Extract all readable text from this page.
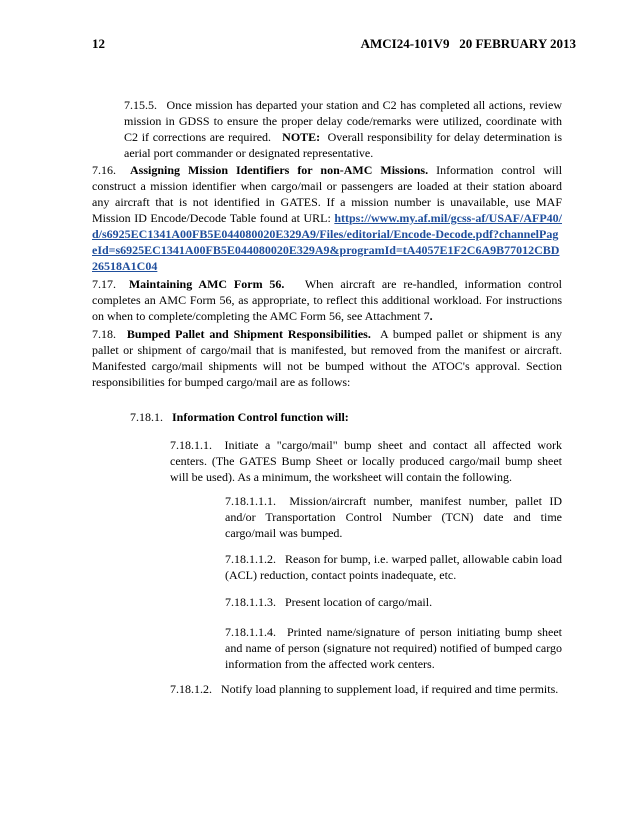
12	AMCI24-101V9 20 FEBRUARY 2013

7.15.5. Once mission has departed your station and C2 has completed all actions, review mission in GDSS to ensure the proper delay code/remarks were utilized, coordinate with C2 if corrections are required. NOTE: Overall responsibility for delay determination is aerial port commander or designated representative.

7.16. Assigning Mission Identifiers for non-AMC Missions. Information control will construct a mission identifier when cargo/mail or passengers are loaded at their station aboard any aircraft that is not identified in GATES. If a mission number is unavailable, use MAF Mission ID Encode/Decode Table found at URL: https://www.my.af.mil/gcss-af/USAF/AFP40/d/s6925EC1341A00FB5E044080020E329A9/Files/editorial/Encode-Decode.pdf?channelPageId=s6925EC1341A00FB5E044080020E329A9&programId=tA4057E1F2C6A9B77012CBD26518A1C04

7.17. Maintaining AMC Form 56. When aircraft are re-handled, information control completes an AMC Form 56, as appropriate, to reflect this additional workload. For instructions on when to complete/completing the AMC Form 56, see Attachment 7.

7.18. Bumped Pallet and Shipment Responsibilities. A bumped pallet or shipment is any pallet or shipment of cargo/mail that is manifested, but removed from the manifest or aircraft. Manifested cargo/mail shipments will not be bumped without the ATOC's approval. Section responsibilities for bumped cargo/mail are as follows:

7.18.1. Information Control function will:

7.18.1.1. Initiate a "cargo/mail" bump sheet and contact all affected work centers. (The GATES Bump Sheet or locally produced cargo/mail bump sheet will be used). As a minimum, the worksheet will contain the following.

7.18.1.1.1. Mission/aircraft number, manifest number, pallet ID and/or Transportation Control Number (TCN) date and time cargo/mail was bumped.

7.18.1.1.2. Reason for bump, i.e. warped pallet, allowable cabin load (ACL) reduction, contact points inadequate, etc.

7.18.1.1.3. Present location of cargo/mail.

7.18.1.1.4. Printed name/signature of person initiating bump sheet and name of person (signature not required) notified of bumped cargo information from the affected work centers.

7.18.1.2. Notify load planning to supplement load, if required and time permits.
